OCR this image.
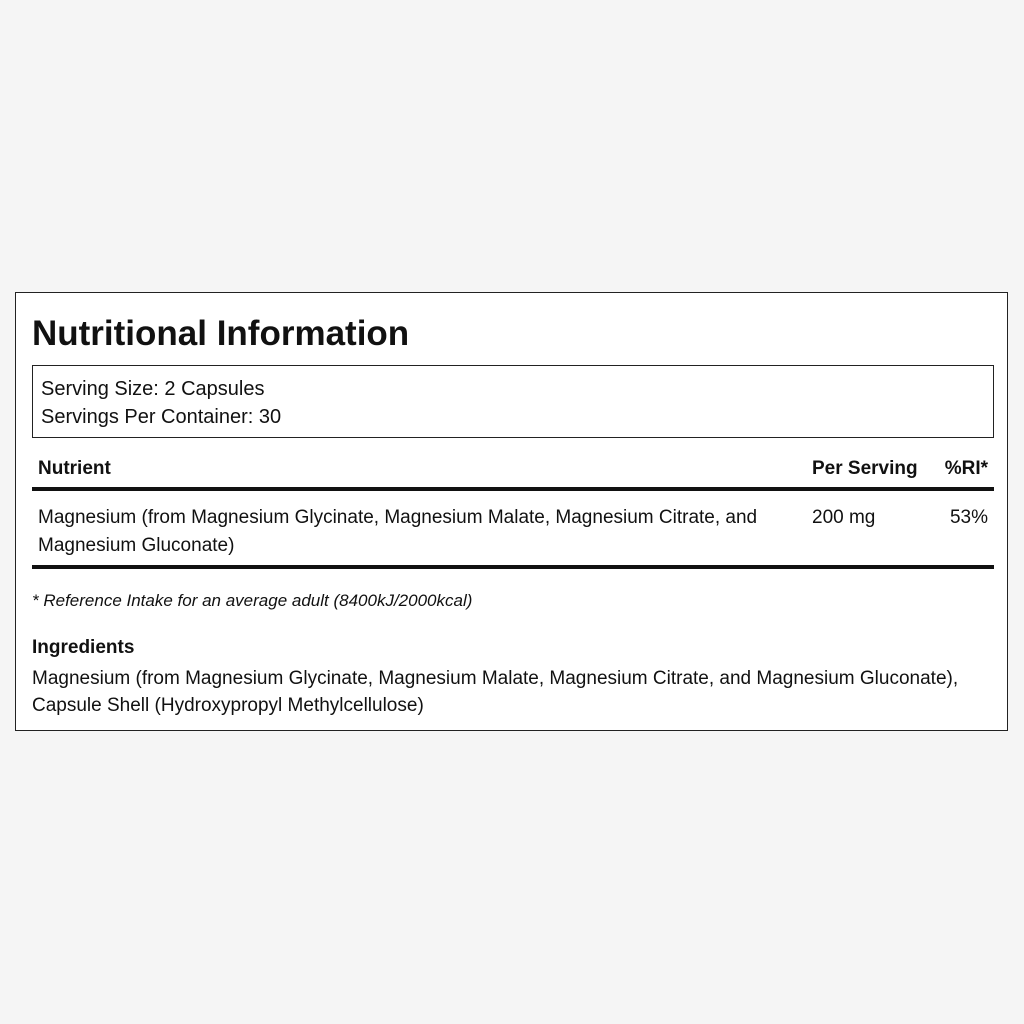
Nutritional Information
Serving Size: 2 Capsules
Servings Per Container: 30
Nutrient	Per Serving %RI*
Magnesium (from Magnesium Glycinate, Magnesium Malate, Magnesium Citrate, and Magnesium Gluconate)
200 mg	53%
* Reference Intake for an average adult (8400kJ/2000kcal)
Ingredients
Magnesium (from Magnesium Glycinate, Magnesium Malate, Magnesium Citrate, and Magnesium Gluconate), Capsule Shell (Hydroxypropyl Methylcellulose)
